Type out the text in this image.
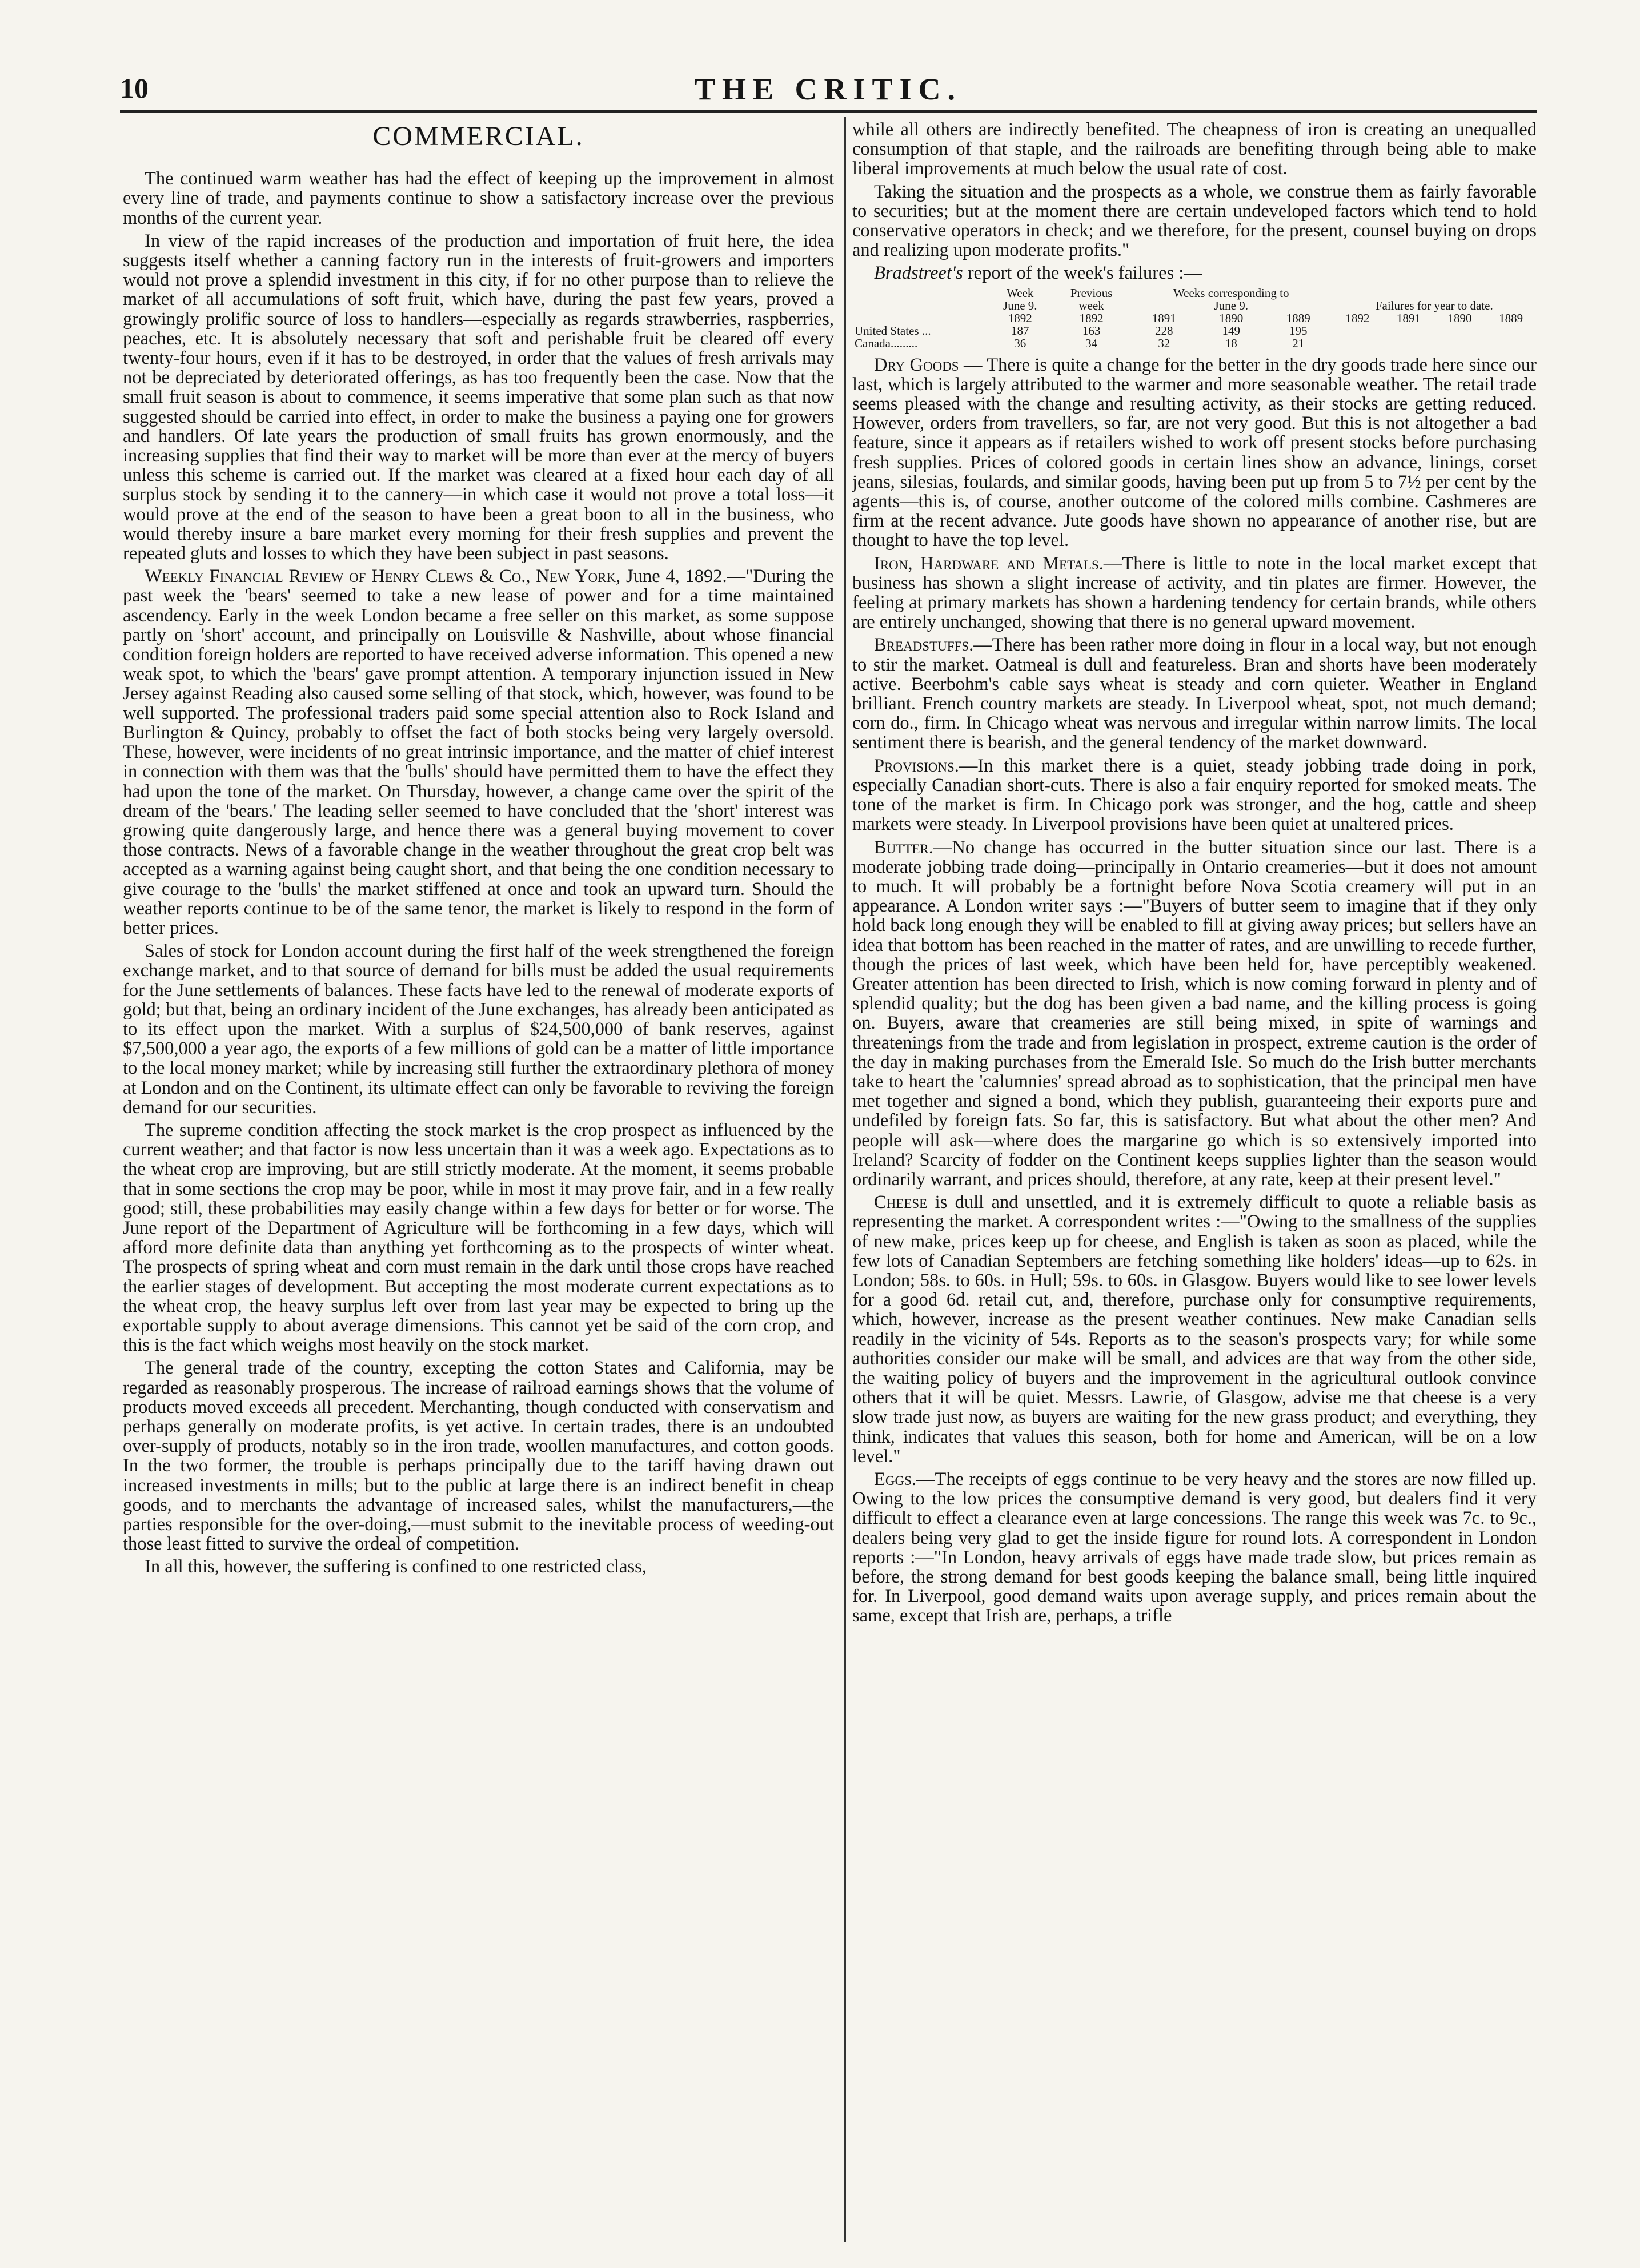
10	THE CRITIC.
COMMERCIAL.

The continued warm weather has had the effect of keeping up the improvement in almost every line of trade, and payments continue to show a satisfactory increase over the previous months of the current year.

In view of the rapid increases of the production and importation of fruit here, the idea suggests itself whether a canning factory run in the interests of fruit-growers and importers would not prove a splendid investment in this city, if for no other purpose than to relieve the market of all accumulations of soft fruit, which have, during the past few years, proved a growingly prolific source of loss to handlers—especially as regards strawberries, raspberries, peaches, etc. It is absolutely necessary that soft and perishable fruit be cleared off every twenty-four hours, even if it has to be destroyed, in order that the values of fresh arrivals may not be depreciated by deteriorated offerings, as has too frequently been the case. Now that the small fruit season is about to commence, it seems imperative that some plan such as that now suggested should be carried into effect, in order to make the business a paying one for growers and handlers. Of late years the production of small fruits has grown enormously, and the increasing supplies that find their way to market will be more than ever at the mercy of buyers unless this scheme is carried out. If the market was cleared at a fixed hour each day of all surplus stock by sending it to the cannery—in which case it would not prove a total loss—it would prove at the end of the season to have been a great boon to all in the business, who would thereby insure a bare market every morning for their fresh supplies and prevent the repeated gluts and losses to which they have been subject in past seasons.

Weekly Financial Review of Henry Clews & Co., New York, June 4, 1892.—"During the past week the 'bears' seemed to take a new lease of power and for a time maintained ascendency. Early in the week London became a free seller on this market, as some suppose partly on 'short' account, and principally on Louisville & Nashville, about whose financial condition foreign holders are reported to have received adverse information. This opened a new weak spot, to which the 'bears' gave prompt attention. A temporary injunction issued in New Jersey against Reading also caused some selling of that stock, which, however, was found to be well supported. The professional traders paid some special attention also to Rock Island and Burlington & Quincy, probably to offset the fact of both stocks being very largely oversold. These, however, were incidents of no great intrinsic importance, and the matter of chief interest in connection with them was that the 'bulls' should have permitted them to have the effect they had upon the tone of the market. On Thursday, however, a change came over the spirit of the dream of the 'bears.' The leading seller seemed to have concluded that the 'short' interest was growing quite dangerously large, and hence there was a general buying movement to cover those contracts. News of a favorable change in the weather throughout the great crop belt was accepted as a warning against being caught short, and that being the one condition necessary to give courage to the 'bulls' the market stiffened at once and took an upward turn. Should the weather reports continue to be of the same tenor, the market is likely to respond in the form of better prices.

Sales of stock for London account during the first half of the week strengthened the foreign exchange market, and to that source of demand for bills must be added the usual requirements for the June settlements of balances. These facts have led to the renewal of moderate exports of gold; but that, being an ordinary incident of the June exchanges, has already been anticipated as to its effect upon the market. With a surplus of $24,500,000 of bank reserves, against $7,500,000 a year ago, the exports of a few millions of gold can be a matter of little importance to the local money market; while by increasing still further the extraordinary plethora of money at London and on the Continent, its ultimate effect can only be favorable to reviving the foreign demand for our securities.

The supreme condition affecting the stock market is the crop prospect as influenced by the current weather; and that factor is now less uncertain than it was a week ago. Expectations as to the wheat crop are improving, but are still strictly moderate. At the moment, it seems probable that in some sections the crop may be poor, while in most it may prove fair, and in a few really good; still, these probabilities may easily change within a few days for better or for worse. The June report of the Department of Agriculture will be forthcoming in a few days, which will afford more definite data than anything yet forthcoming as to the prospects of winter wheat. The prospects of spring wheat and corn must remain in the dark until those crops have reached the earlier stages of development. But accepting the most moderate current expectations as to the wheat crop, the heavy surplus left over from last year may be expected to bring up the exportable supply to about average dimensions. This cannot yet be said of the corn crop, and this is the fact which weighs most heavily on the stock market.

The general trade of the country, excepting the cotton States and California, may be regarded as reasonably prosperous. The increase of railroad earnings shows that the volume of products moved exceeds all precedent. Merchanting, though conducted with conservatism and perhaps generally on moderate profits, is yet active. In certain trades, there is an undoubted over-supply of products, notably so in the iron trade, woollen manufactures, and cotton goods. In the two former, the trouble is perhaps principally due to the tariff having drawn out increased investments in mills; but to the public at large there is an indirect benefit in cheap goods, and to merchants the advantage of increased sales, whilst the manufacturers,—the parties responsible for the over-doing,—must submit to the inevitable process of weeding-out those least fitted to survive the ordeal of competition.

In all this, however, the suffering is confined to one restricted class,

while all others are indirectly benefited. The cheapness of iron is creating an unequalled consumption of that staple, and the railroads are benefiting through being able to make liberal improvements at much below the usual rate of cost.

Taking the situation and the prospects as a whole, we construe them as fairly favorable to securities; but at the moment there are certain undeveloped factors which tend to hold conservative operators in check; and we therefore, for the present, counsel buying on drops and realizing upon moderate profits."

Bradstreet's report of the week's failures :—

	Week	Previous	Weeks corresponding to						
	June 9.	week	June 9.			Failures for year to date.			
	1892	1892	1891	1890	1889	1892	1891	1890	1889
United States ...	187	163	228	149	195				
Canada.........	36	34	32	18	21				

Dry Goods — There is quite a change for the better in the dry goods trade here since our last, which is largely attributed to the warmer and more seasonable weather. The retail trade seems pleased with the change and resulting activity, as their stocks are getting reduced. However, orders from travellers, so far, are not very good. But this is not altogether a bad feature, since it appears as if retailers wished to work off present stocks before purchasing fresh supplies. Prices of colored goods in certain lines show an advance, linings, corset jeans, silesias, foulards, and similar goods, having been put up from 5 to 7½ per cent by the agents—this is, of course, another outcome of the colored mills combine. Cashmeres are firm at the recent advance. Jute goods have shown no appearance of another rise, but are thought to have the top level.

Iron, Hardware and Metals.—There is little to note in the local market except that business has shown a slight increase of activity, and tin plates are firmer. However, the feeling at primary markets has shown a hardening tendency for certain brands, while others are entirely unchanged, showing that there is no general upward movement.

Breadstuffs.—There has been rather more doing in flour in a local way, but not enough to stir the market. Oatmeal is dull and featureless. Bran and shorts have been moderately active. Beerbohm's cable says wheat is steady and corn quieter. Weather in England brilliant. French country markets are steady. In Liverpool wheat, spot, not much demand; corn do., firm. In Chicago wheat was nervous and irregular within narrow limits. The local sentiment there is bearish, and the general tendency of the market downward.

Provisions.—In this market there is a quiet, steady jobbing trade doing in pork, especially Canadian short-cuts. There is also a fair enquiry reported for smoked meats. The tone of the market is firm. In Chicago pork was stronger, and the hog, cattle and sheep markets were steady. In Liverpool provisions have been quiet at unaltered prices.

Butter.—No change has occurred in the butter situation since our last. There is a moderate jobbing trade doing—principally in Ontario creameries—but it does not amount to much. It will probably be a fortnight before Nova Scotia creamery will put in an appearance. A London writer says :—"Buyers of butter seem to imagine that if they only hold back long enough they will be enabled to fill at giving away prices; but sellers have an idea that bottom has been reached in the matter of rates, and are unwilling to recede further, though the prices of last week, which have been held for, have perceptibly weakened. Greater attention has been directed to Irish, which is now coming forward in plenty and of splendid quality; but the dog has been given a bad name, and the killing process is going on. Buyers, aware that creameries are still being mixed, in spite of warnings and threatenings from the trade and from legislation in prospect, extreme caution is the order of the day in making purchases from the Emerald Isle. So much do the Irish butter merchants take to heart the 'calumnies' spread abroad as to sophistication, that the principal men have met together and signed a bond, which they publish, guaranteeing their exports pure and undefiled by foreign fats. So far, this is satisfactory. But what about the other men? And people will ask—where does the margarine go which is so extensively imported into Ireland? Scarcity of fodder on the Continent keeps supplies lighter than the season would ordinarily warrant, and prices should, therefore, at any rate, keep at their present level."

Cheese is dull and unsettled, and it is extremely difficult to quote a reliable basis as representing the market. A correspondent writes :—"Owing to the smallness of the supplies of new make, prices keep up for cheese, and English is taken as soon as placed, while the few lots of Canadian Septembers are fetching something like holders' ideas—up to 62s. in London; 58s. to 60s. in Hull; 59s. to 60s. in Glasgow. Buyers would like to see lower levels for a good 6d. retail cut, and, therefore, purchase only for consumptive requirements, which, however, increase as the present weather continues. New make Canadian sells readily in the vicinity of 54s. Reports as to the season's prospects vary; for while some authorities consider our make will be small, and advices are that way from the other side, the waiting policy of buyers and the improvement in the agricultural outlook convince others that it will be quiet. Messrs. Lawrie, of Glasgow, advise me that cheese is a very slow trade just now, as buyers are waiting for the new grass product; and everything, they think, indicates that values this season, both for home and American, will be on a low level."

Eggs.—The receipts of eggs continue to be very heavy and the stores are now filled up. Owing to the low prices the consumptive demand is very good, but dealers find it very difficult to effect a clearance even at large concessions. The range this week was 7c. to 9c., dealers being very glad to get the inside figure for round lots. A correspondent in London reports :—"In London, heavy arrivals of eggs have made trade slow, but prices remain as before, the strong demand for best goods keeping the balance small, being little inquired for. In Liverpool, good demand waits upon average supply, and prices remain about the same, except that Irish are, perhaps, a trifle
